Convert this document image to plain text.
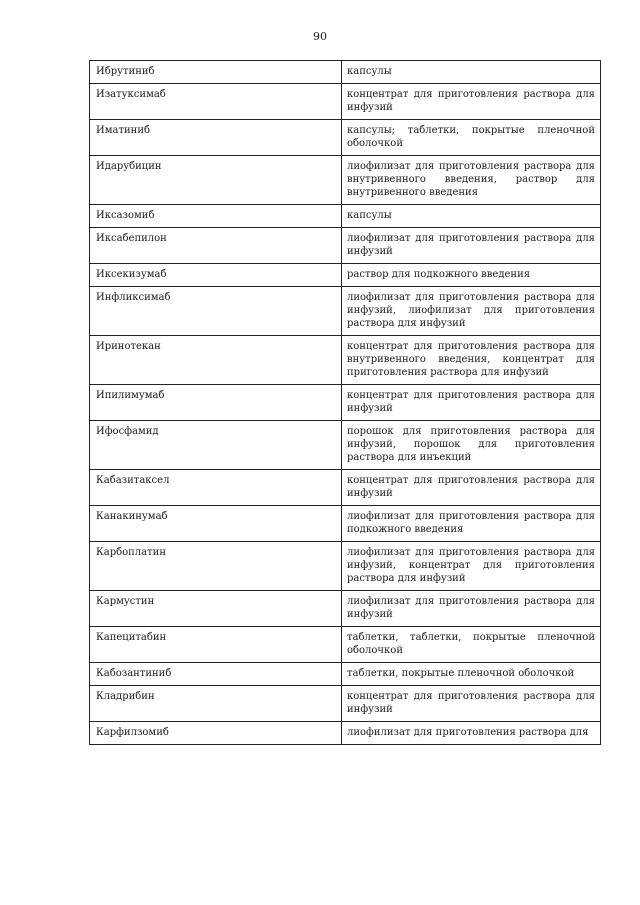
90
Ибрутиниб	капсулы
Изатуксимаб	концентрат для приготовления раствора для инфузий
Иматиниб	капсулы; таблетки, покрытые пленочной оболочкой
Идарубицин	лиофилизат для приготовления раствора для внутривенного введения, раствор для внутривенного введения
Иксазомиб	капсулы
Иксабепилон	лиофилизат для приготовления раствора для инфузий
Иксекизумаб	раствор для подкожного введения
Инфликсимаб	лиофилизат для приготовления раствора для инфузий, лиофилизат для приготовления раствора для инфузий
Иринотекан	концентрат для приготовления раствора для внутривенного введения, концентрат для приготовления раствора для инфузий
Ипилимумаб	концентрат для приготовления раствора для инфузий
Ифосфамид	порошок для приготовления раствора для инфузий, порошок для приготовления раствора для инъекций
Кабазитаксел	концентрат для приготовления раствора для инфузий
Канакинумаб	лиофилизат для приготовления раствора для подкожного введения
Карбоплатин	лиофилизат для приготовления раствора для инфузий, концентрат для приготовления раствора для инфузий
Кармустин	лиофилизат для приготовления раствора для инфузий
Капецитабин	таблетки, таблетки, покрытые пленочной оболочкой
Кабозантиниб	таблетки, покрытые пленочной оболочкой
Кладрибин	концентрат для приготовления раствора для инфузий
Карфилзомиб	лиофилизат для приготовления раствора для
